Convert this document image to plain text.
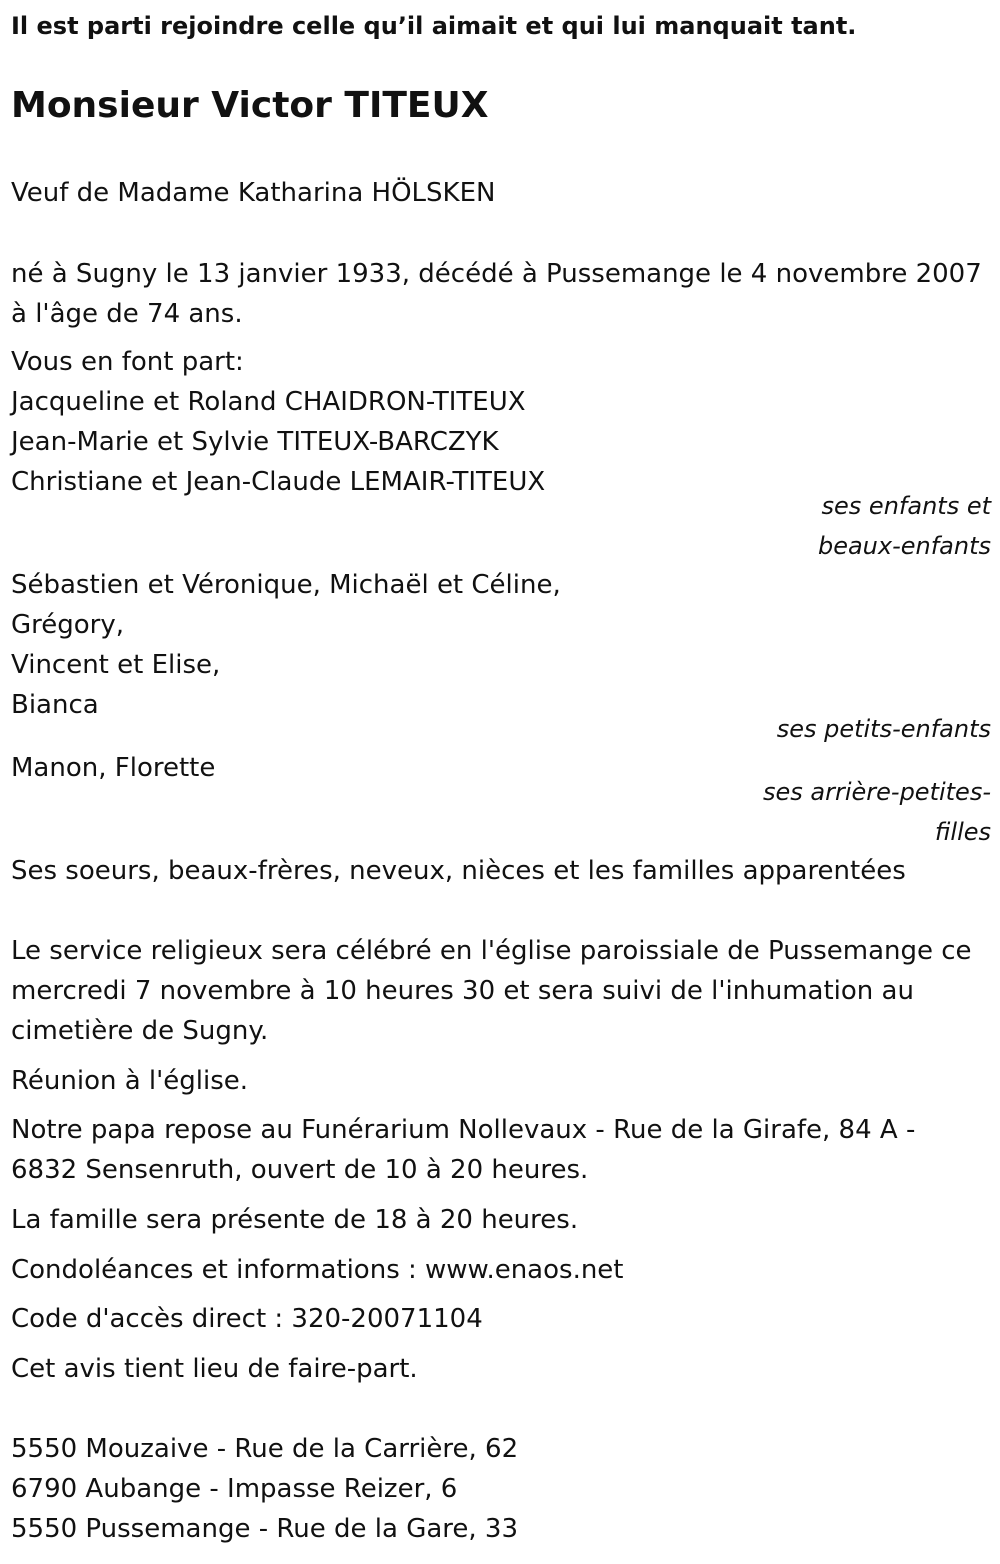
Il est parti rejoindre celle qu’il aimait et qui lui manquait tant.

Monsieur Victor TITEUX

Veuf de Madame Katharina HÖLSKEN

né à Sugny le 13 janvier 1933, décédé à Pussemange le 4 novembre 2007 à l'âge de 74 ans.

Vous en font part:

Jacqueline et Roland CHAIDRON-TITEUX
Jean-Marie et Sylvie TITEUX-BARCZYK
Christiane et Jean-Claude LEMAIR-TITEUX
ses enfants et
beaux-enfants
Sébastien et Véronique, Michaël et Céline,
Grégory,
Vincent et Elise,
Bianca
ses petits-enfants

Manon, Florette

ses arrière-petites-
filles

Ses soeurs, beaux-frères, neveux, nièces et les familles apparentées

Le service religieux sera célébré en l'église paroissiale de Pussemange ce mercredi 7 novembre à 10 heures 30 et sera suivi de l'inhumation au cimetière de Sugny.

Réunion à l'église.

Notre papa repose au Funérarium Nollevaux - Rue de la Girafe, 84 A - 6832 Sensenruth, ouvert de 10 à 20 heures.

La famille sera présente de 18 à 20 heures.

Condoléances et informations : www.enaos.net

Code d'accès direct : 320-20071104

Cet avis tient lieu de faire-part.

5550 Mouzaive - Rue de la Carrière, 62
6790 Aubange - Impasse Reizer, 6
5550 Pussemange - Rue de la Gare, 33
